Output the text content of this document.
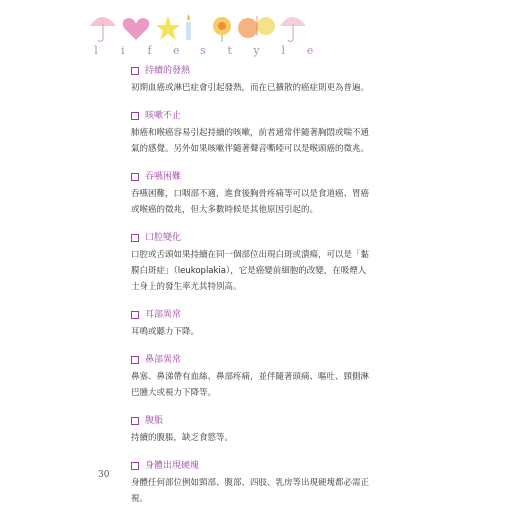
l	i	f	e	s	t	y	l	e
持續的發熱
初期血癌或淋巴症會引起發熱，而在已擴散的癌症則更為普遍。
咳嗽不止
肺癌和喉癌容易引起持續的咳嗽，前者通常伴隨著胸悶或喘不通
氣的感覺。另外如果咳嗽伴隨著聲音嘶啞可以是喉頭癌的徵兆。
吞嚥困難
吞嚥困難，口咽部不適，進食後胸骨疼痛等可以是食道癌、胃癌
或喉癌的徵兆，但大多數時候是其他原因引起的。
口腔變化
口腔或舌頭如果持續在同一個部位出現白斑或潰瘍，可以是「黏
膜白斑症」（leukoplakia），它是癌變前細胞的改變，在吸煙人
士身上的發生率尤其特別高。
耳部異常
耳鳴或聽力下降。
鼻部異常
鼻塞、鼻涕帶有血絲、鼻部疼痛，並伴隨著頭痛、嘔吐、頸側淋
巴腫大或視力下降等。
腹脹
持續的腹脹，缺乏食慾等。
身體出現硬塊
身體任何部位例如頸部、腹部、四肢、乳房等出現硬塊都必需正
視。
30
